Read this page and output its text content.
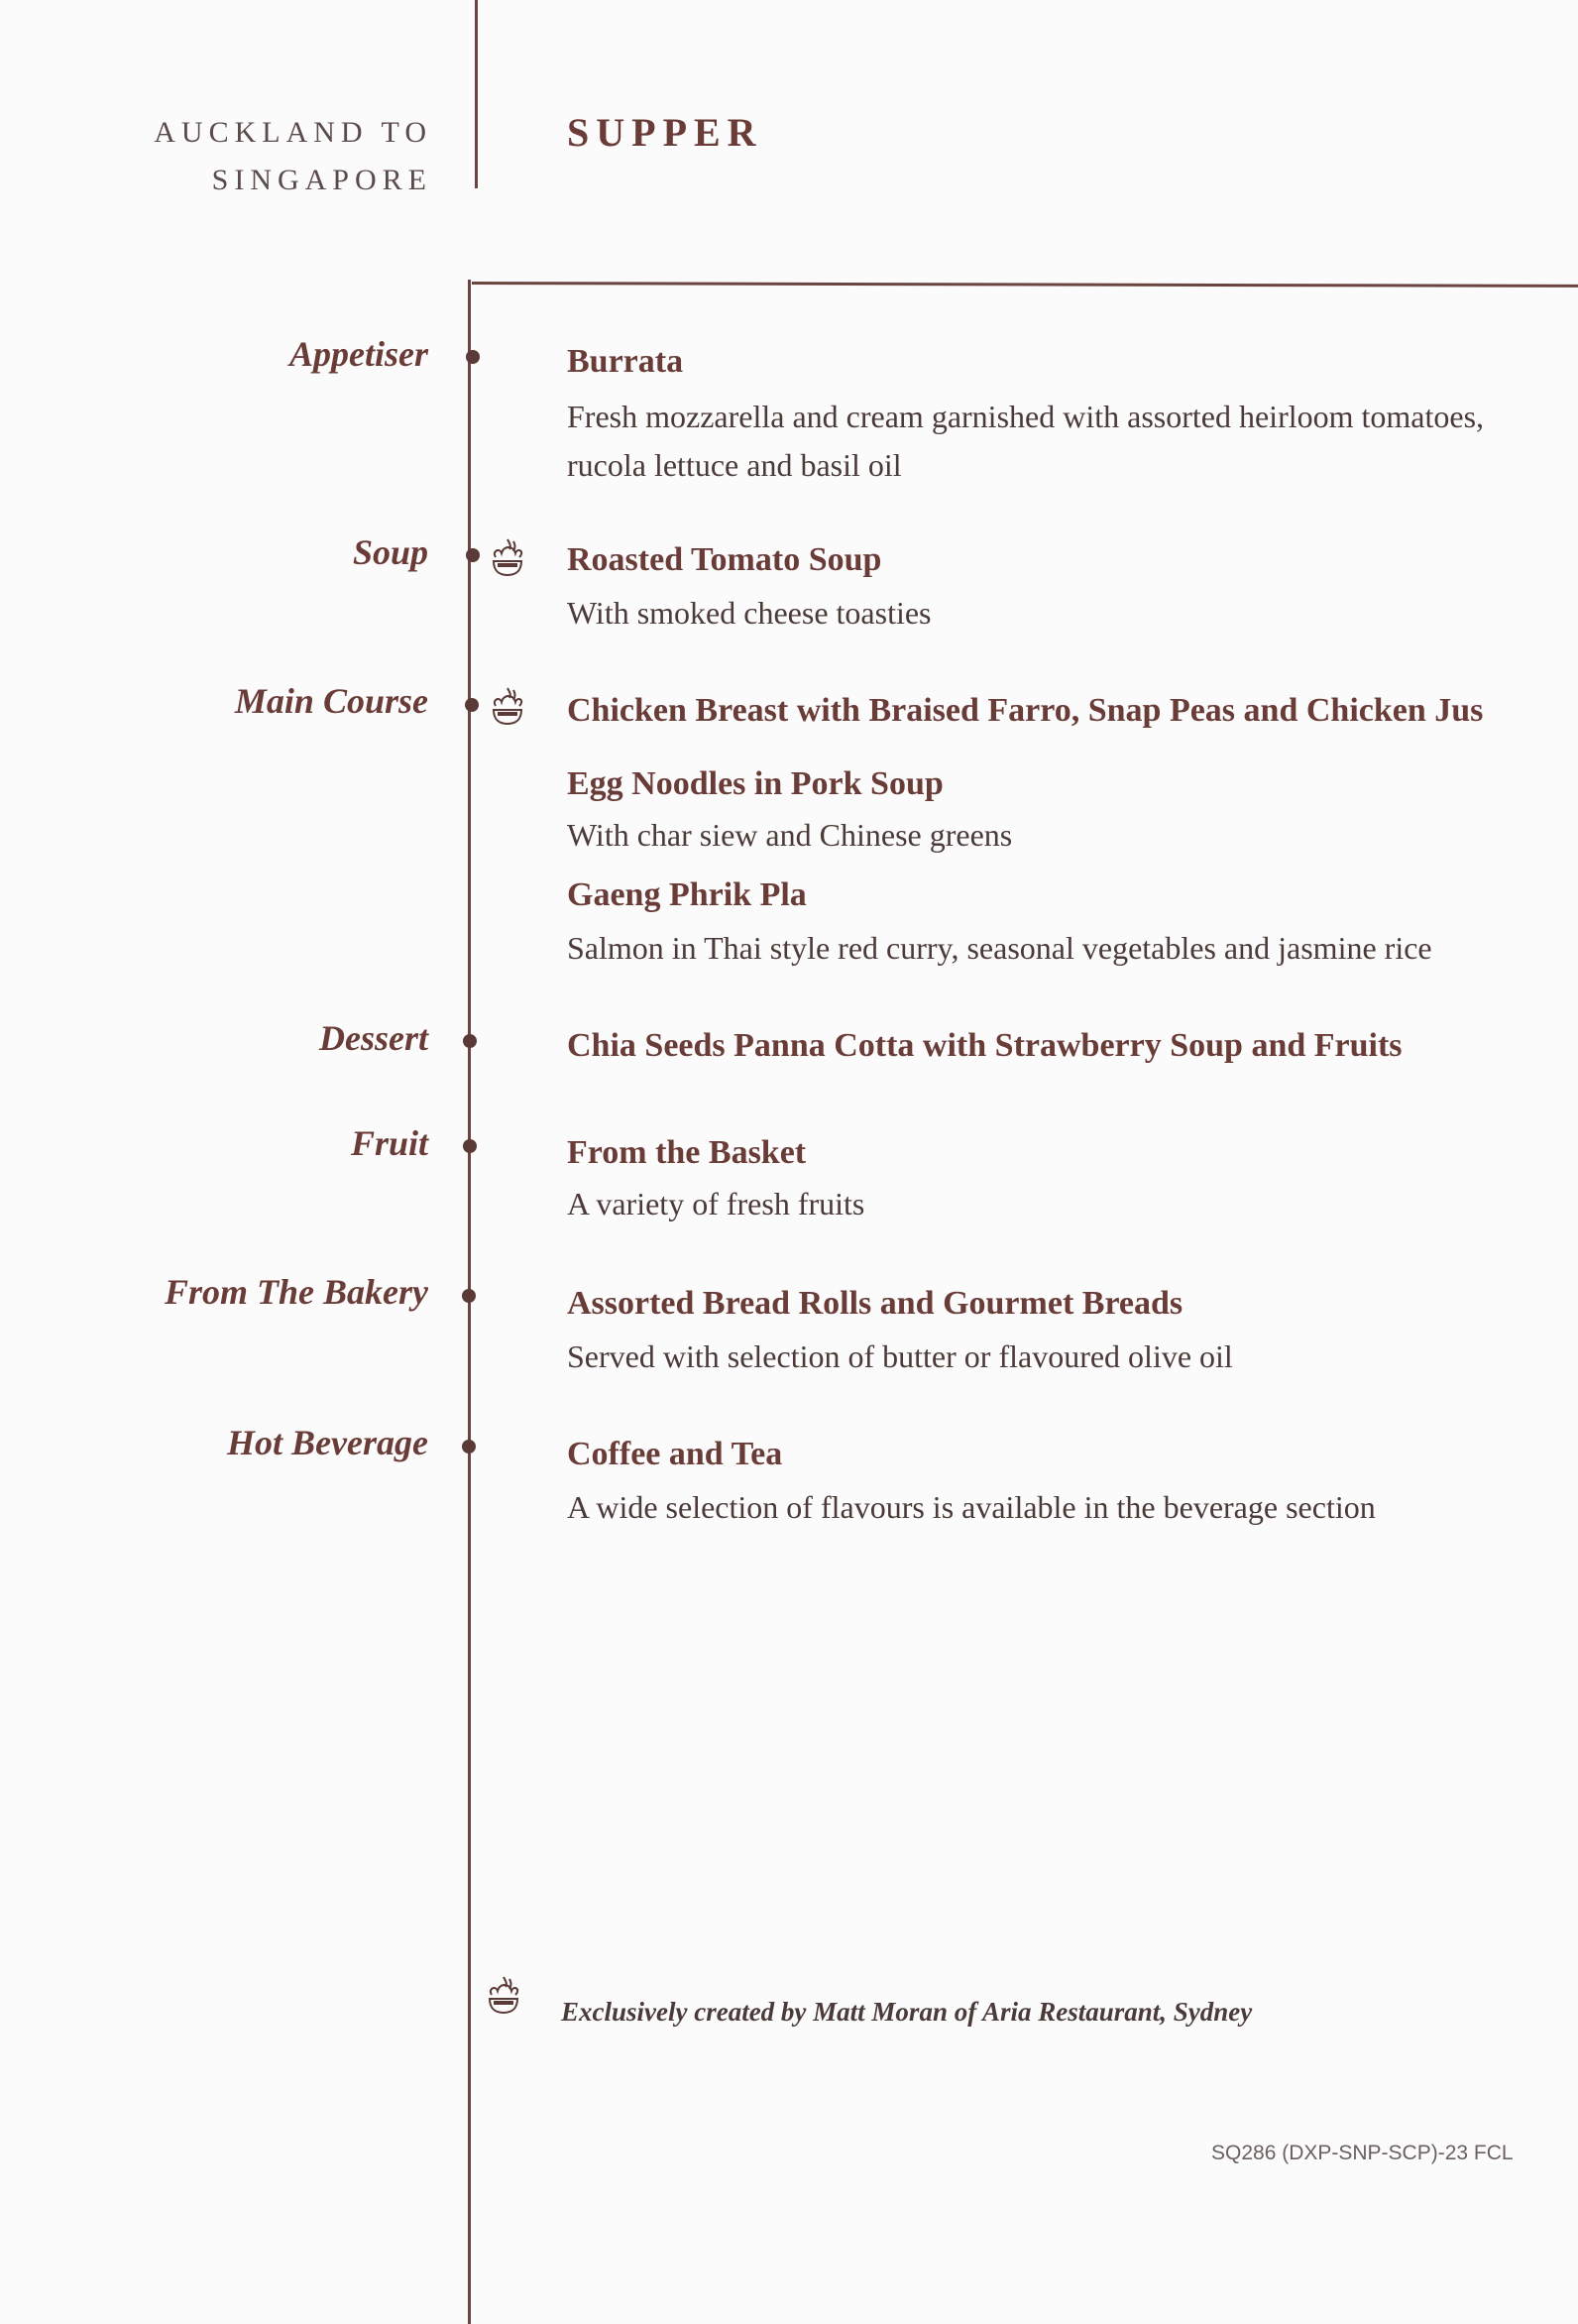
AUCKLAND TO
SINGAPORE
SUPPER
Appetiser
Soup
Main Course
Dessert
Fruit
From The Bakery
Hot Beverage
Burrata
Fresh mozzarella and cream garnished with assorted heirloom tomatoes, rucola lettuce and basil oil
Roasted Tomato Soup
With smoked cheese toasties
Chicken Breast with Braised Farro, Snap Peas and Chicken Jus
Egg Noodles in Pork Soup
With char siew and Chinese greens
Gaeng Phrik Pla
Salmon in Thai style red curry, seasonal vegetables and jasmine rice
Chia Seeds Panna Cotta with Strawberry Soup and Fruits
From the Basket
A variety of fresh fruits
Assorted Bread Rolls and Gourmet Breads
Served with selection of butter or flavoured olive oil
Coffee and Tea
A wide selection of flavours is available in the beverage section
Exclusively created by Matt Moran of Aria Restaurant, Sydney
SQ286 (DXP-SNP-SCP)-23 FCL
